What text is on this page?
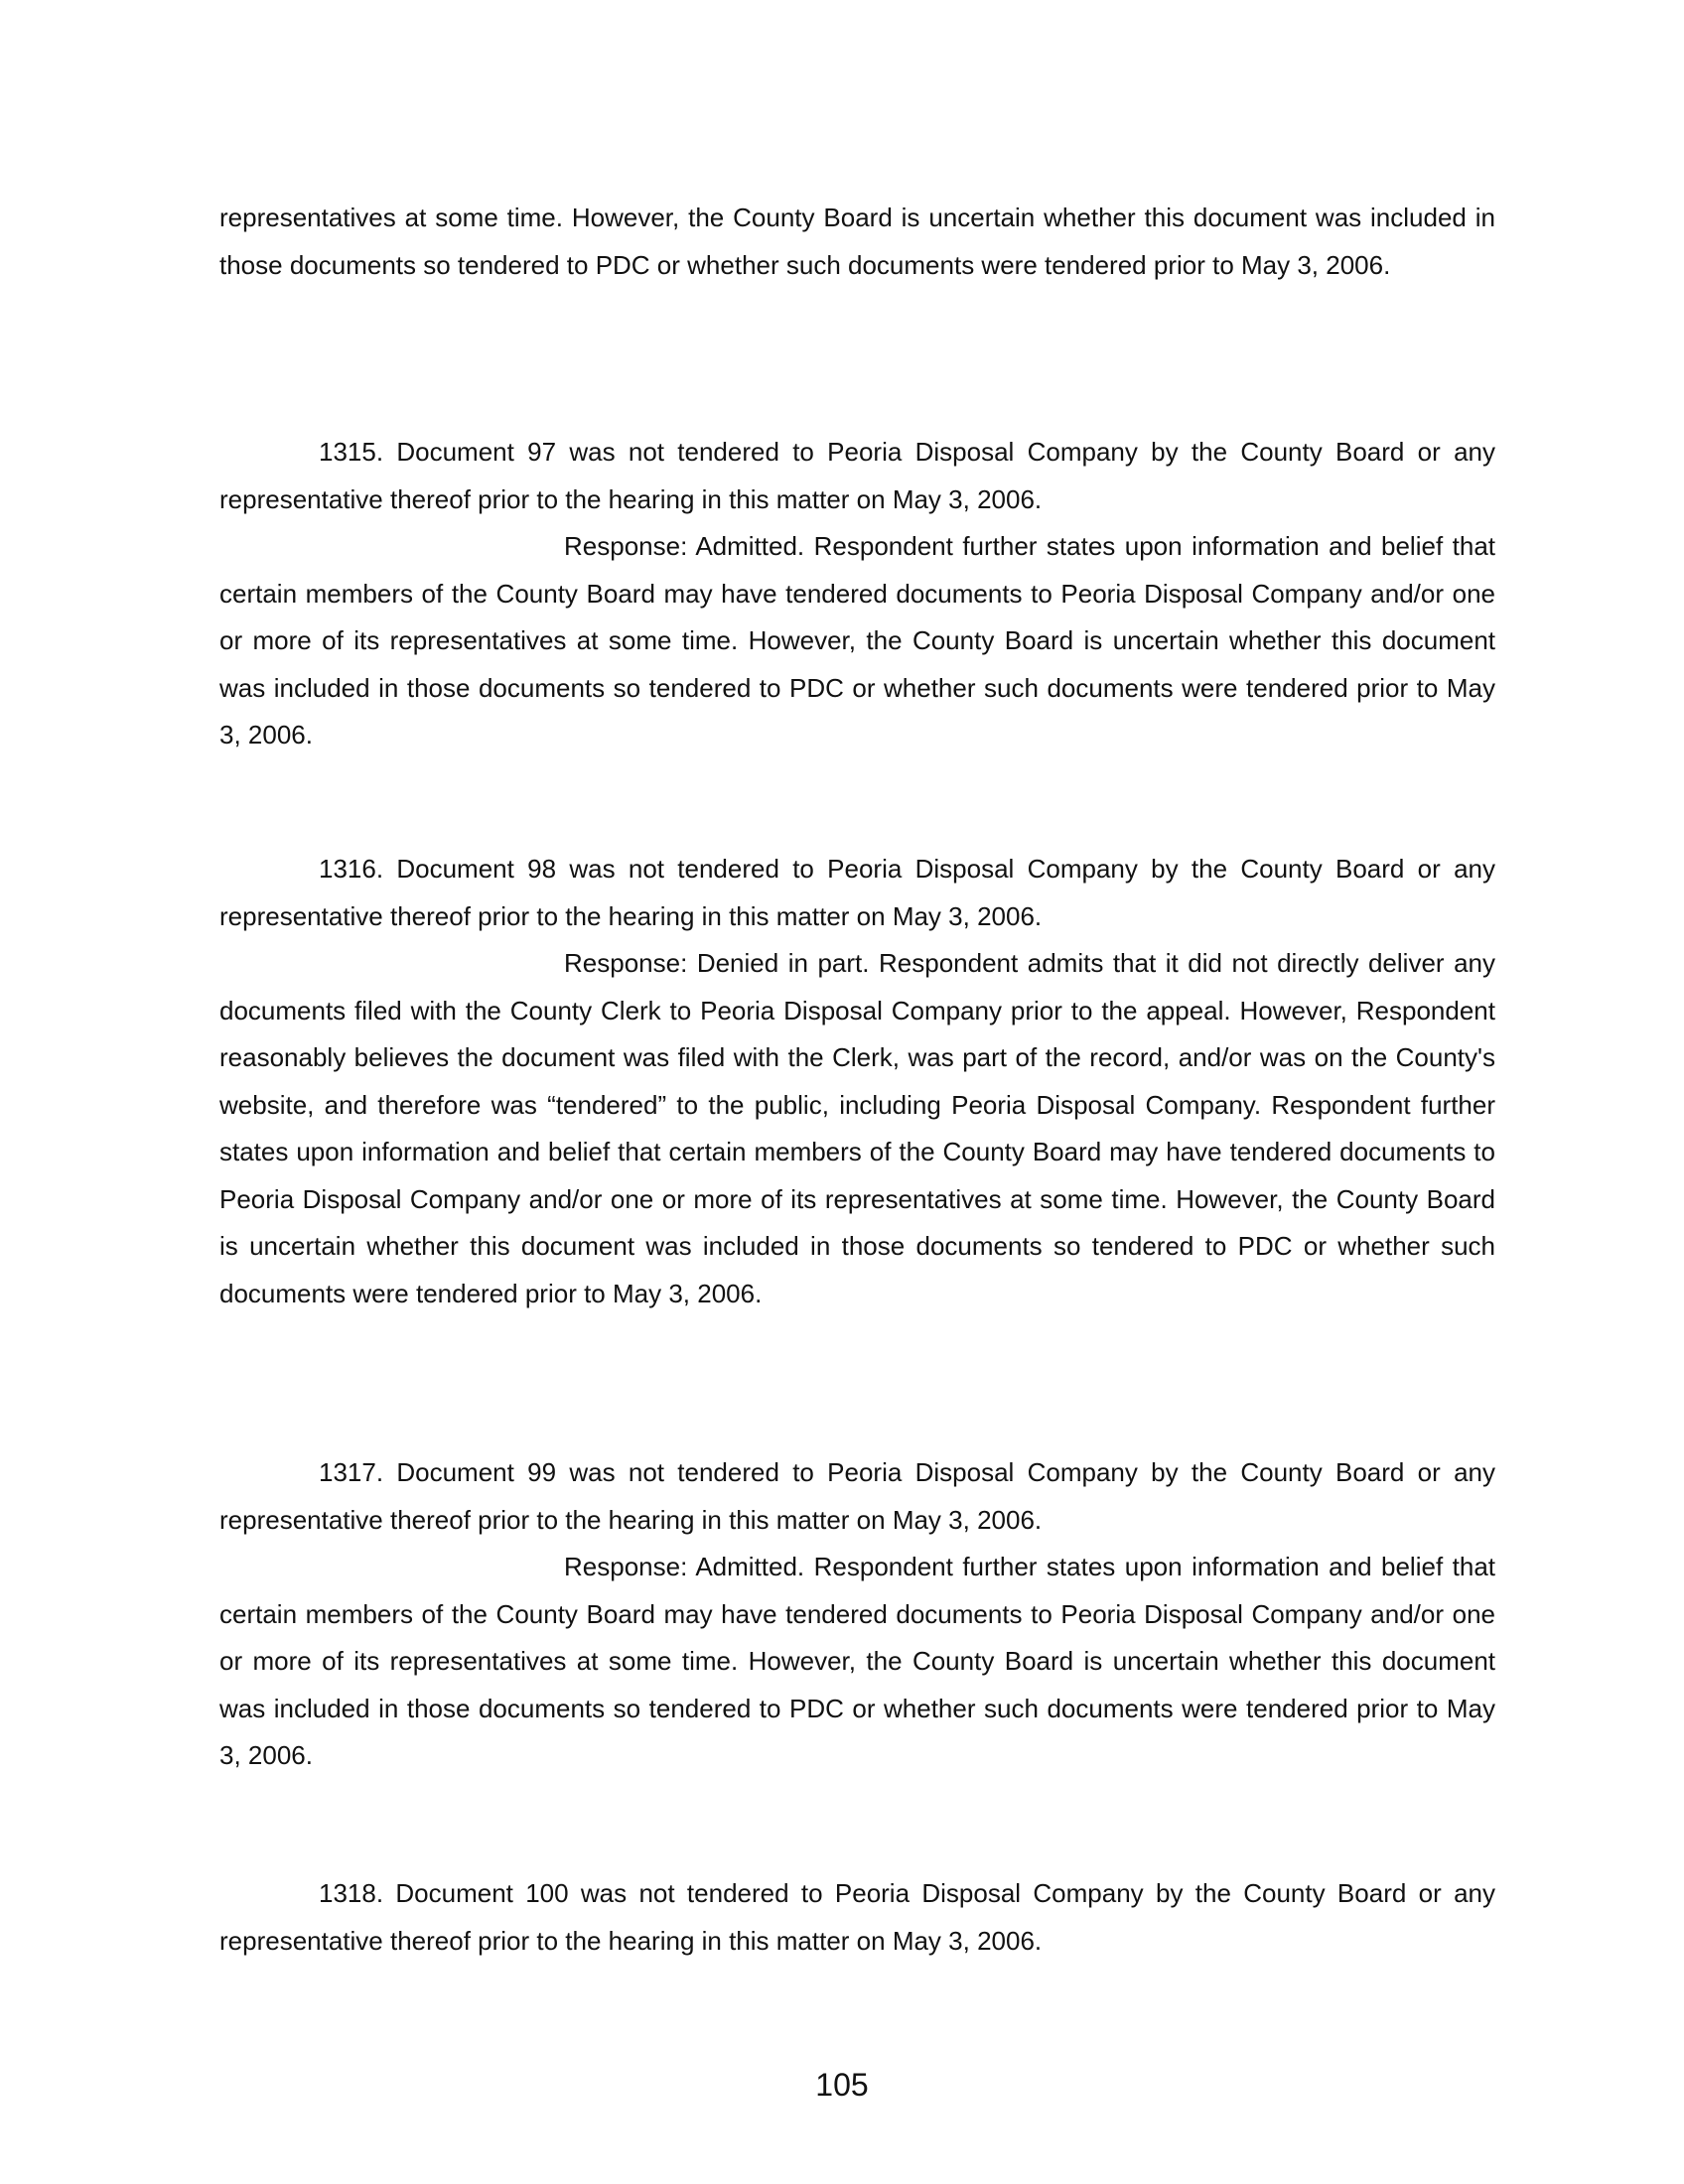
representatives at some time. However, the County Board is uncertain whether this document was included in those documents so tendered to PDC or whether such documents were tendered prior to May 3, 2006.

1315. Document 97 was not tendered to Peoria Disposal Company by the County Board or any representative thereof prior to the hearing in this matter on May 3, 2006.

Response: Admitted. Respondent further states upon information and belief that certain members of the County Board may have tendered documents to Peoria Disposal Company and/or one or more of its representatives at some time. However, the County Board is uncertain whether this document was included in those documents so tendered to PDC or whether such documents were tendered prior to May 3, 2006.

1316. Document 98 was not tendered to Peoria Disposal Company by the County Board or any representative thereof prior to the hearing in this matter on May 3, 2006.

Response: Denied in part. Respondent admits that it did not directly deliver any documents filed with the County Clerk to Peoria Disposal Company prior to the appeal. However, Respondent reasonably believes the document was filed with the Clerk, was part of the record, and/or was on the County's website, and therefore was “tendered” to the public, including Peoria Disposal Company. Respondent further states upon information and belief that certain members of the County Board may have tendered documents to Peoria Disposal Company and/or one or more of its representatives at some time. However, the County Board is uncertain whether this document was included in those documents so tendered to PDC or whether such documents were tendered prior to May 3, 2006.

1317. Document 99 was not tendered to Peoria Disposal Company by the County Board or any representative thereof prior to the hearing in this matter on May 3, 2006.

Response: Admitted. Respondent further states upon information and belief that certain members of the County Board may have tendered documents to Peoria Disposal Company and/or one or more of its representatives at some time. However, the County Board is uncertain whether this document was included in those documents so tendered to PDC or whether such documents were tendered prior to May 3, 2006.

1318. Document 100 was not tendered to Peoria Disposal Company by the County Board or any representative thereof prior to the hearing in this matter on May 3, 2006.

105
